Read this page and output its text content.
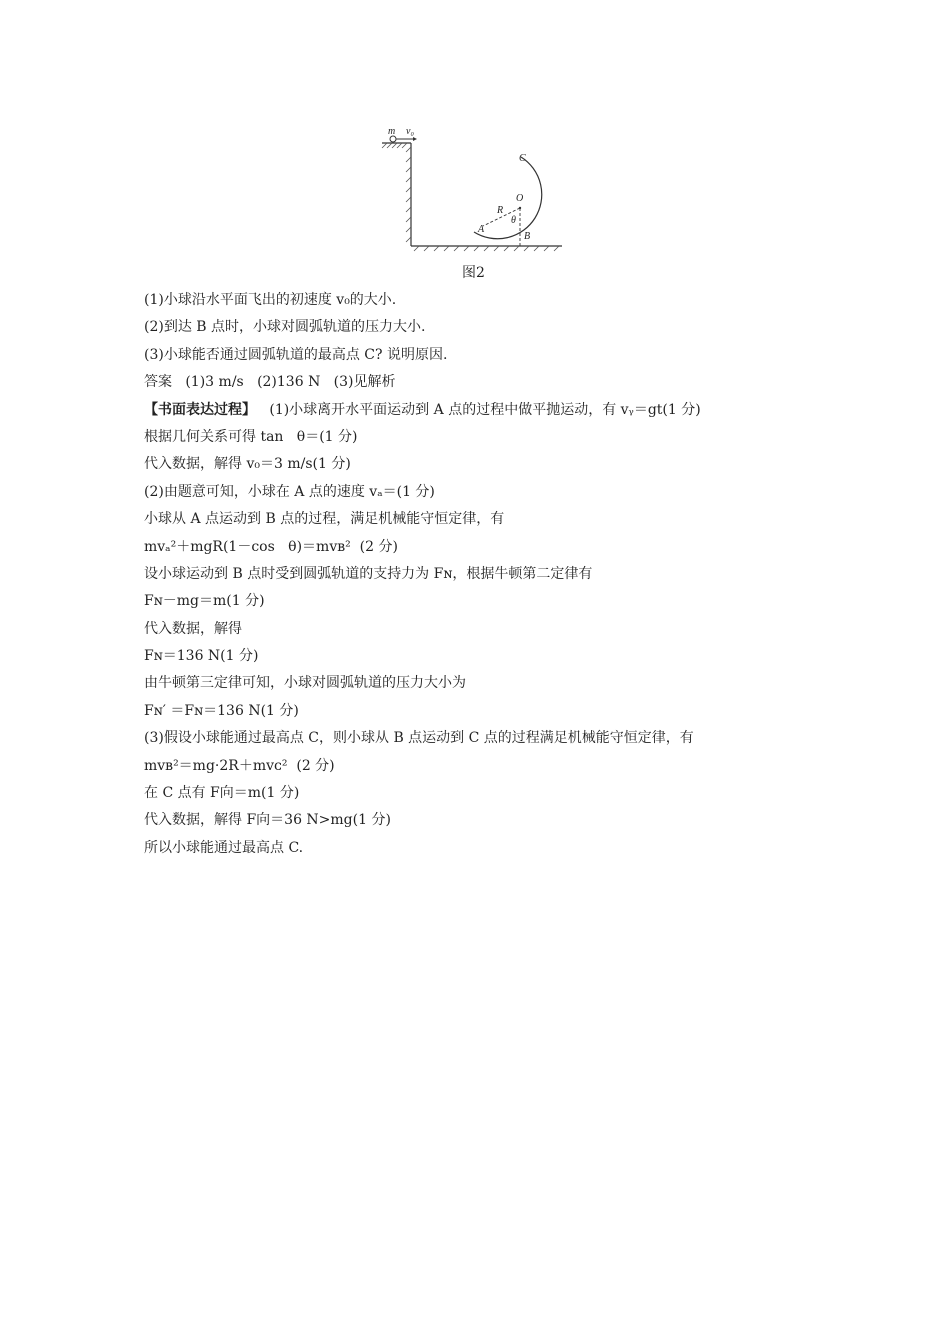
m v₀
C
O
R
θ
A
B
图2
(1)小球沿水平面飞出的初速度 v₀的大小.
(2)到达 B 点时，小球对圆弧轨道的压力大小.
(3)小球能否通过圆弧轨道的最高点 C? 说明原因.
答案   (1)3 m/s   (2)136 N   (3)见解析
【书面表达过程】   (1)小球离开水平面运动到 A 点的过程中做平抛运动，有 vᵧ＝gt(1 分)
根据几何关系可得 tan   θ＝(1 分)
代入数据，解得 v₀＝3 m/s(1 分)
(2)由题意可知，小球在 A 点的速度 vₐ＝(1 分)
小球从 A 点运动到 B 点的过程，满足机械能守恒定律，有
mvₐ²＋mgR(1－cos   θ)＝mvʙ²  (2 分)
设小球运动到 B 点时受到圆弧轨道的支持力为 Fɴ，根据牛顿第二定律有
Fɴ－mg＝m(1 分)
代入数据，解得
Fɴ＝136 N(1 分)
由牛顿第三定律可知，小球对圆弧轨道的压力大小为
Fɴ′ ＝Fɴ＝136 N(1 分)
(3)假设小球能通过最高点 C，则小球从 B 点运动到 C 点的过程满足机械能守恒定律，有
mvʙ²＝mg·2R＋mvᴄ²  (2 分)
在 C 点有 F向＝m(1 分)
代入数据，解得 F向＝36 N>mg(1 分)
所以小球能通过最高点 C.
